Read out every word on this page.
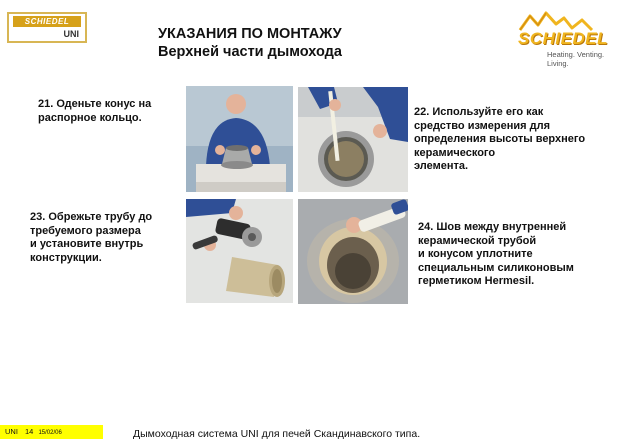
SCHIEDEL
UNI	УКАЗАНИЯ ПО МОНТАЖУ
Верхней части дымохода
SCHIEDEL
Heating. Venting. Living.
21. Оденьте конус на
распорное кольцо.	22. Используйте его как
средство измерения для
определения высоты верхнего
керамического
элемента.
23. Обрежьте трубу до
требуемого размера
и установите внутрь
конструкции.
24. Шов между внутренней
керамической трубой
и конусом уплотните
специальным силиконовым
герметиком Hermesil.
UNI 14 15/02/06	Дымоходная система UNI для печей Скандинавского типа.
